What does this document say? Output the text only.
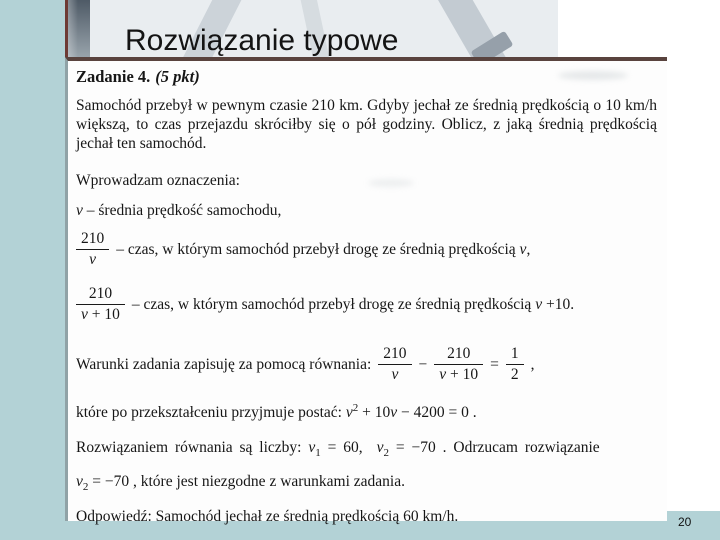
Rozwiązanie typowe
Zadanie 4. (5 pkt)
Samochód przebył w pewnym czasie 210 km. Gdyby jechał ze średnią prędkością o 10 km/h większą, to czas przejazdu skróciłby się o pół godziny. Oblicz, z jaką średnią prędkością jechał ten samochód.
Wprowadzam oznaczenia:
v – średnia prędkość samochodu,
$\frac{210}{v}$ – czas, w którym samochód przebył drogę ze średnią prędkością v,
$\frac{210}{v + 10}$ – czas, w którym samochód przebył drogę ze średnią prędkością v +10.
Warunki zadania zapisuję za pomocą równania: $\frac{210}{v} - \frac{210}{v + 10} = \frac{1}{2}$ ,
które po przekształceniu przyjmuje postać: $v^2 + 10v - 4200 = 0$ .
Rozwiązaniem równania są liczby: $v_1 = 60$, $v_2 = -70$ . Odrzucam rozwiązanie
$v_2 = -70$ , które jest niezgodne z warunkami zadania.
Odpowiedź: Samochód jechał ze średnią prędkością 60 km/h.	20
